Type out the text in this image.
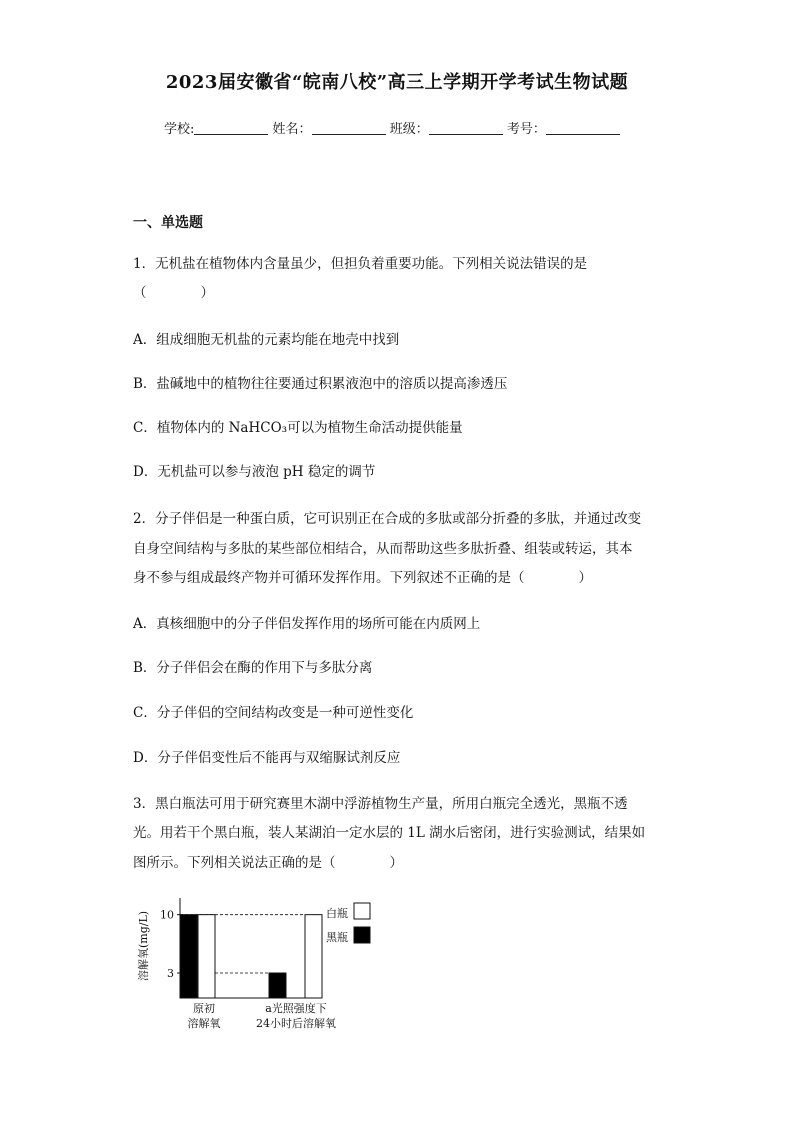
2023届安徽省“皖南八校”高三上学期开学考试生物试题
学校:	姓名：	班级：	考号：
一、单选题
1．无机盐在植物体内含量虽少，但担负着重要功能。下列相关说法错误的是
（　　　　）
A．组成细胞无机盐的元素均能在地壳中找到
B．盐碱地中的植物往往要通过积累液泡中的溶质以提高渗透压
C．植物体内的 NaHCO₃可以为植物生命活动提供能量
D．无机盐可以参与液泡 pH 稳定的调节
2．分子伴侣是一种蛋白质，它可识别正在合成的多肽或部分折叠的多肽，并通过改变
自身空间结构与多肽的某些部位相结合，从而帮助这些多肽折叠、组装或转运，其本
身不参与组成最终产物并可循环发挥作用。下列叙述不正确的是（　　　　）
A．真核细胞中的分子伴侣发挥作用的场所可能在内质网上
B．分子伴侣会在酶的作用下与多肽分离
C．分子伴侣的空间结构改变是一种可逆性变化
D．分子伴侣变性后不能再与双缩脲试剂反应
3．黑白瓶法可用于研究赛里木湖中浮游植物生产量，所用白瓶完全透光，黑瓶不透
光。用若干个黑白瓶，装人某湖泊一定水层的 1L 湖水后密闭，进行实验测试，结果如
图所示。下列相关说法正确的是（　　　　）
溶解氧(mg/L) 3
10
原初
溶解氧
a光照强度下
24小时后溶解氧
白瓶
黑瓶
